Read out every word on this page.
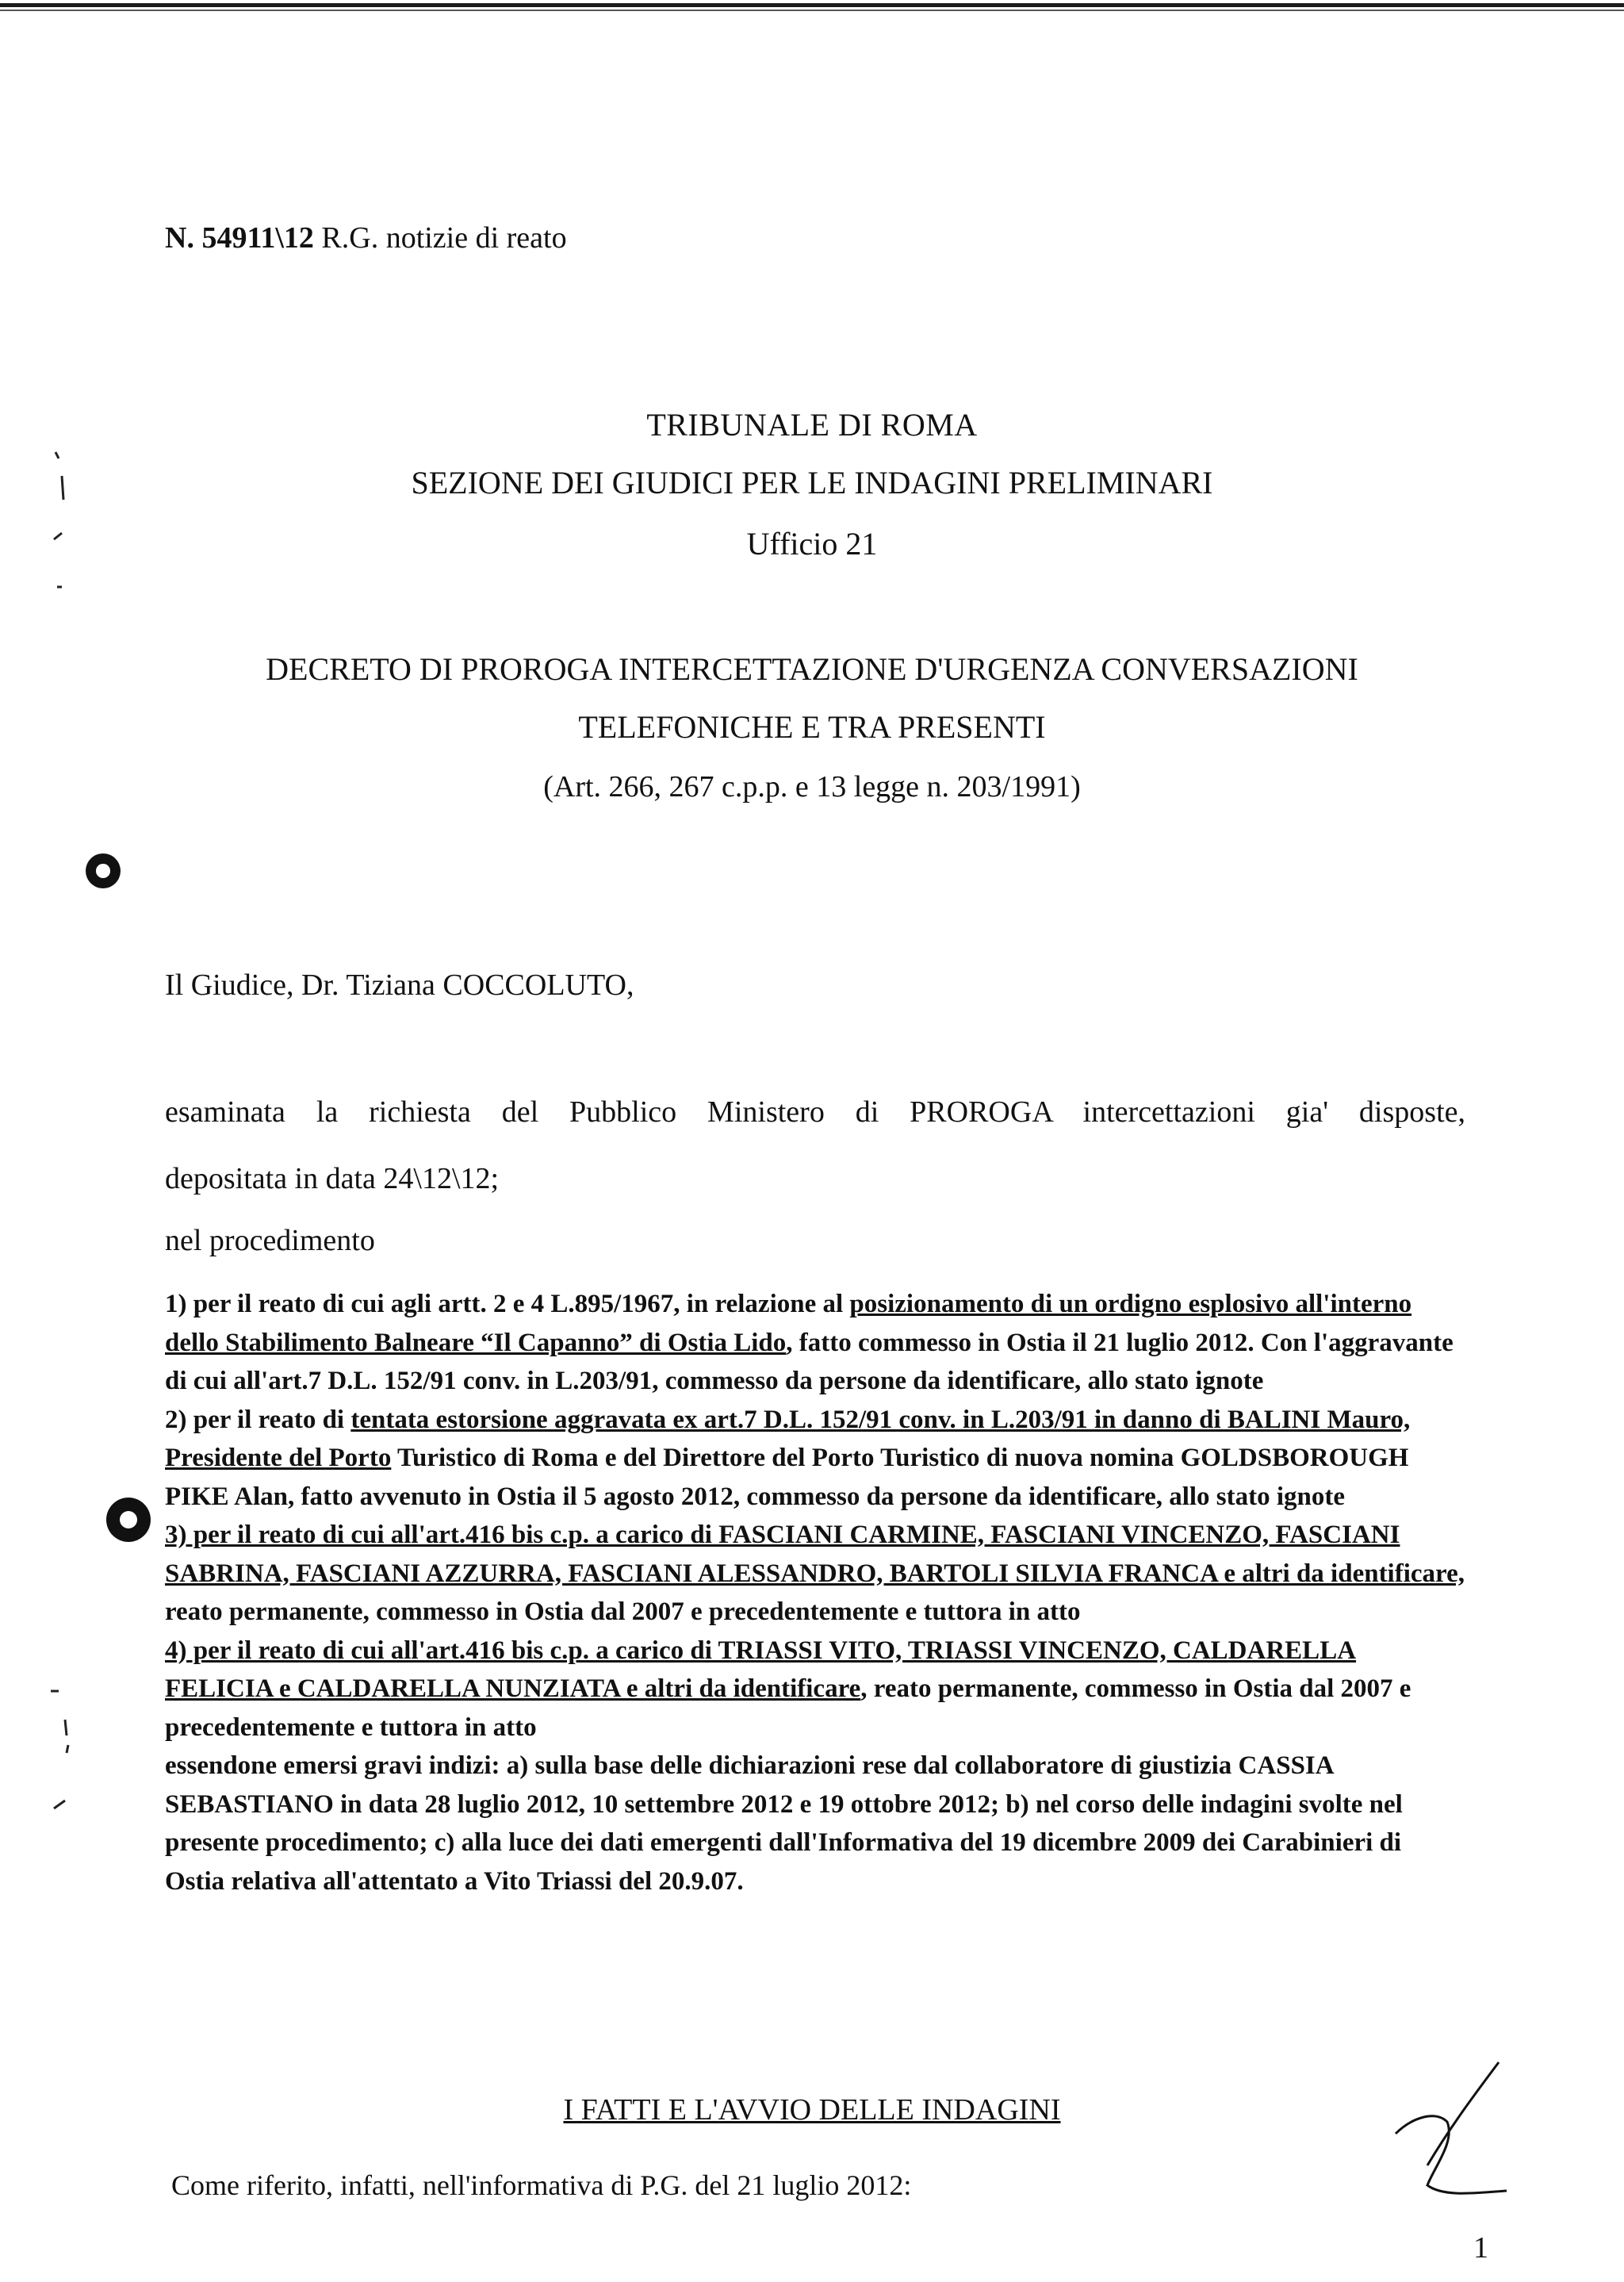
N. 54911\12 R.G. notizie di reato
TRIBUNALE DI ROMA
SEZIONE DEI GIUDICI PER LE INDAGINI PRELIMINARI
Ufficio 21
DECRETO DI PROROGA INTERCETTAZIONE D'URGENZA CONVERSAZIONI
TELEFONICHE E TRA PRESENTI
(Art. 266, 267 c.p.p. e 13 legge n. 203/1991)
Il Giudice, Dr. Tiziana COCCOLUTO,
esaminata la richiesta del Pubblico Ministero di PROROGA intercettazioni gia' disposte,
depositata in data 24\12\12;
nel procedimento

1) per il reato di cui agli artt. 2 e 4 L.895/1967, in relazione al posizionamento di un ordigno esplosivo all'interno dello Stabilimento Balneare “Il Capanno” di Ostia Lido, fatto commesso in Ostia il 21 luglio 2012. Con l'aggravante di cui all'art.7 D.L. 152/91 conv. in L.203/91, commesso da persone da identificare, allo stato ignote

2) per il reato di tentata estorsione aggravata ex art.7 D.L. 152/91 conv. in L.203/91 in danno di BALINI Mauro, Presidente del Porto Turistico di Roma e del Direttore del Porto Turistico di nuova nomina GOLDSBOROUGH PIKE Alan, fatto avvenuto in Ostia il 5 agosto 2012, commesso da persone da identificare, allo stato ignote

3) per il reato di cui all'art.416 bis c.p. a carico di FASCIANI CARMINE, FASCIANI VINCENZO, FASCIANI SABRINA, FASCIANI AZZURRA, FASCIANI ALESSANDRO, BARTOLI SILVIA FRANCA e altri da identificare, reato permanente, commesso in Ostia dal 2007 e precedentemente e tuttora in atto

4) per il reato di cui all'art.416 bis c.p. a carico di TRIASSI VITO, TRIASSI VINCENZO, CALDARELLA FELICIA e CALDARELLA NUNZIATA e altri da identificare, reato permanente, commesso in Ostia dal 2007 e precedentemente e tuttora in atto

essendone emersi gravi indizi: a) sulla base delle dichiarazioni rese dal collaboratore di giustizia CASSIA SEBASTIANO in data 28 luglio 2012, 10 settembre 2012 e 19 ottobre 2012; b) nel corso delle indagini svolte nel presente procedimento; c) alla luce dei dati emergenti dall'Informativa del 19 dicembre 2009 dei Carabinieri di Ostia relativa all'attentato a Vito Triassi del 20.9.07.

I FATTI E L'AVVIO DELLE INDAGINI
Come riferito, infatti, nell'informativa di P.G. del 21 luglio 2012:
1
